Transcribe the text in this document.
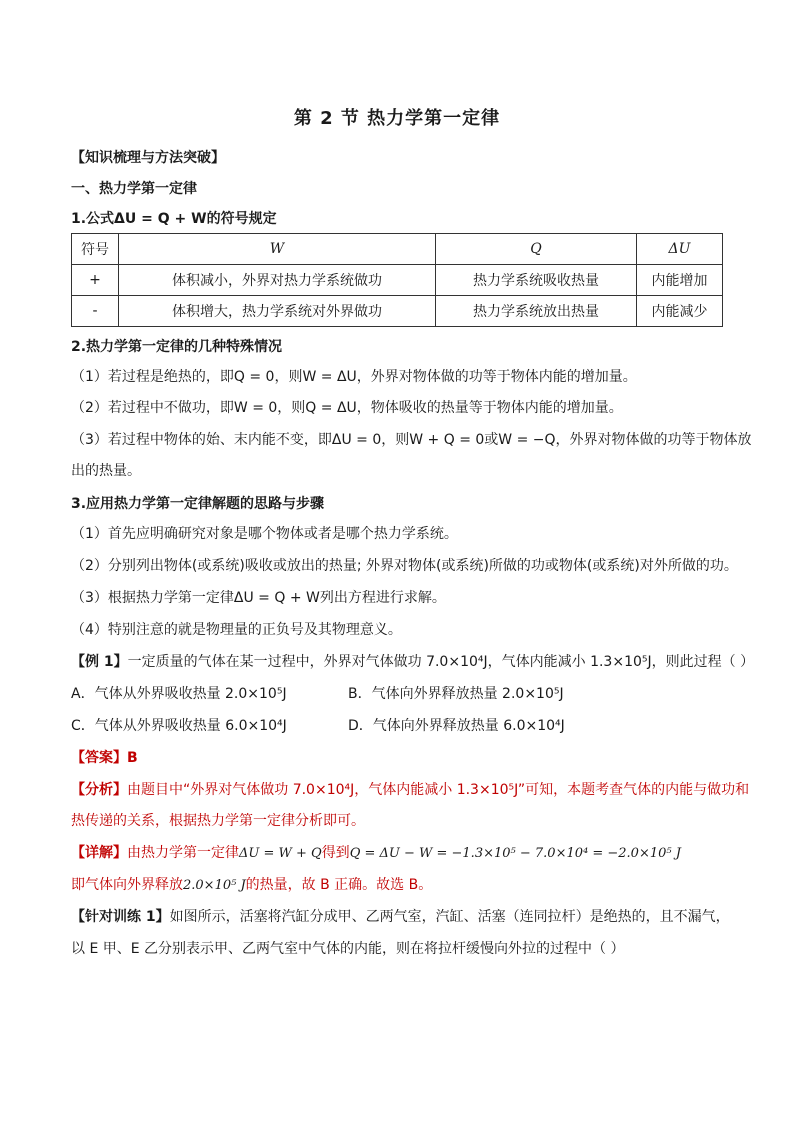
第 2 节 热力学第一定律
【知识梳理与方法突破】
一、热力学第一定律
1.公式ΔU = Q + W的符号规定
符号	W	Q	ΔU
+	体积减小，外界对热力学系统做功	热力学系统吸收热量	内能增加
-	体积增大，热力学系统对外界做功	热力学系统放出热量	内能减少
2.热力学第一定律的几种特殊情况
（1）若过程是绝热的，即Q = 0，则W = ΔU，外界对物体做的功等于物体内能的增加量。
（2）若过程中不做功，即W = 0，则Q = ΔU，物体吸收的热量等于物体内能的增加量。
（3）若过程中物体的始、末内能不变，即ΔU = 0，则W + Q = 0或W = −Q，外界对物体做的功等于物体放
出的热量。
3.应用热力学第一定律解题的思路与步骤
（1）首先应明确研究对象是哪个物体或者是哪个热力学系统。
（2）分别列出物体(或系统)吸收或放出的热量; 外界对物体(或系统)所做的功或物体(或系统)对外所做的功。
（3）根据热力学第一定律ΔU = Q + W列出方程进行求解。
（4）特别注意的就是物理量的正负号及其物理意义。
【例 1】一定质量的气体在某一过程中，外界对气体做功 7.0×10⁴J，气体内能减小 1.3×10⁵J，则此过程（ ）
A．气体从外界吸收热量 2.0×10⁵J	B．气体向外界释放热量 2.0×10⁵J
C．气体从外界吸收热量 6.0×10⁴J	D．气体向外界释放热量 6.0×10⁴J
【答案】B
【分析】由题目中“外界对气体做功 7.0×10⁴J，气体内能减小 1.3×10⁵J”可知，本题考查气体的内能与做功和
热传递的关系，根据热力学第一定律分析即可。
【详解】由热力学第一定律ΔU = W + Q得到Q = ΔU − W = −1.3×10⁵ − 7.0×10⁴ = −2.0×10⁵ J
即气体向外界释放2.0×10⁵ J的热量，故 B 正确。故选 B。
【针对训练 1】如图所示，活塞将汽缸分成甲、乙两气室，汽缸、活塞（连同拉杆）是绝热的，且不漏气，
以 E 甲、E 乙分别表示甲、乙两气室中气体的内能，则在将拉杆缓慢向外拉的过程中（ ）
